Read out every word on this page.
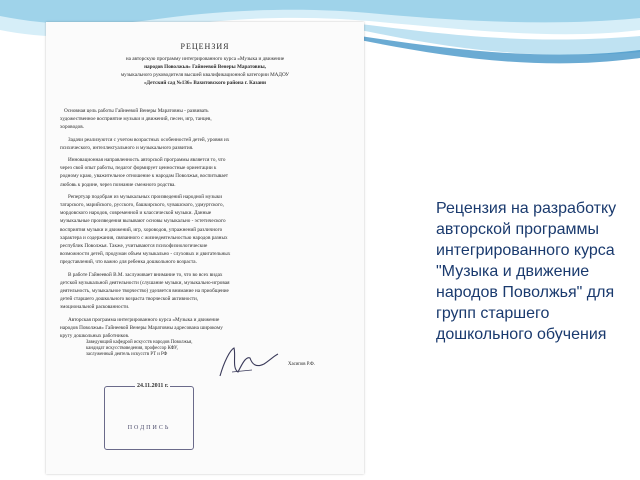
РЕЦЕНЗИЯ
на авторскую программу интегрированного курса «Музыка и движение
народов Поволжья» Гайнеевой Венеры Маратовны,
музыкального руководителя высшей квалификационной категории МАДОУ
«Детский сад №136» Вахитовского района г. Казани
Основная цель работы Гайнеевой Венеры Маратовны - развивать
художественное восприятие музыки и движений, песен, игр, танцев,
хороводов.
Задачи реализуются с учетом возрастных особенностей детей, уровня их
психического, интеллектуального и музыкального развития.
Инновационная направленность авторской программы является то, что
через свой опыт работы, педагог формирует ценностные ориентации к
родному краю, уважительное отношение к народам Поволжья, воспитывает
любовь к родине, через познание смежного родства.
Репертуар подобран из музыкальных произведений народной музыки
татарского, марийского, русского, башкирского, чувашского, удмуртского,
мордовского народов, современной и классической музыки. Данные
музыкальные произведения вызывают основы музыкально - эстетического
восприятия музыки и движений, игр, хороводов, упражнений различного
характера и содержания, связанного с жизнедеятельностью народов разных
республик Поволжья. Также, учитываются психофизиологические
возможности детей, продуман объем музыкально - слуховых и двигательных
представлений, что важно для ребенка дошкольного возраста.
В работе Гайнеевой В.М. заслуживает внимание то, что во всех видах
детской музыкальной деятельности (слушание музыки, музыкально-игровая
деятельность, музыкальное творчество) уделяется внимание на приобщение
детей старшего дошкольного возраста творческой активности,
эмоциональной раскованности.
Авторская программа интегрированного курса «Музыка и движение
народов Поволжья» Гайнеевой Венеры Маратовны адресована широкому
кругу дошкольных работников.
Заведующий кафедрой искусств народов Поволжья,
кандидат искусствоведения, профессор КФУ,
заслуженный деятель искусств РТ и РФ
Хасипов Р.Ф.
24.11.2011 г.
ПОДПИСЬ
Рецензия на разработку авторской программы интегрированного курса "Музыка и движение народов Поволжья" для групп старшего дошкольного обучения
